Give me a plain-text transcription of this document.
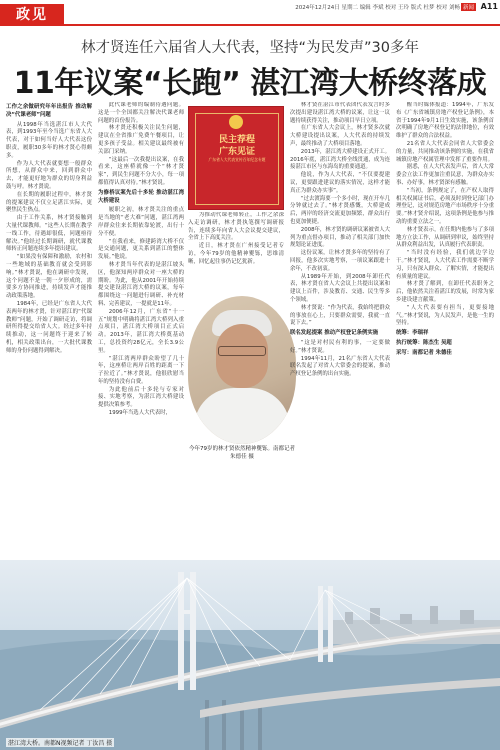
政见	2024年12月24日 星期二 编辑 李斌 校对 王玲 版式 杜梦 校对 刘畅 新闻 A11
林才贤连任六届省人大代表，坚持“为民发声”30多年
11年议案“长跑” 湛江湾大桥终落成

工作之余做研究年年出报告 推动解决“代课老师”问题

从1998年当选湛江市人大代表，到1993年至今当选广东省人大代表，对于如何当好人大代表这份职责，履职30多年的林才贤心得颇多。

作为人大代表就要想一般群众所想，从群众中来，回到群众中去，才能更好地为群众的切身利益鼓与呼。林才贤说。

在长期的履职过程中，林才贤的提案建议不仅立足湛江实际，更聚焦民生热点。

由于工作关系，林才贤接触到大量代课教师。“这些人长期在教学一线工作，待遇却很低，问题亟待解决。”他经过长期调研，就代课教师转正问题连续多年提出建议。

“如果没有保障和激励，农村和一些地域的基础教育就会受到影响。”林才贤说，他在调研中发现，这个问题不是一朝一夕形成的，需要多方协同推进，持续发声才能推动政策落地。

1984年，已经是广东省人大代表两年的林才贤，针对湛江的“代课教师”问题，开始了调研走访，将调研所得提交给省人大。经过多年持续推动，这一问题终于迎来了转机，相关政策出台，一大批代课教师的身份问题得到解决。

此代课老师的编制待遇问题。这是一个全国都关注解决代课老师问题的首份报告。

林才贤还积极关注民生问题，建议在全省推广免费午餐项目，让更多孩子受益。相关建议最终被有关部门采纳。

“这最后一次我提出议案，在我看来，这座桥就像一个“林才贤家”，到民生问题不分大小，每一项都值得认真对待。”林才贤说。

为修桥议案先后十多轮 推动湛江湾大桥建设

履职之初，林才贤关注的重点是当地的“老大难”问题，湛江湾两岸群众往来长期依靠轮渡，出行十分不便。

“在我看来，修建跨湾大桥不仅是交通问题，更关系到湛江的整体发展。”他说。

林才贤当年代表的是湛江坡头区，他深知两岸群众对一座大桥的期盼。为此，他从2001年开始持续提交建设湛江湾大桥的议案，每年都围绕这一问题进行调研、补充材料、完善建议，一提就是11年。

2006年12月，广东省“十一五”规划中明确将湛江湾大桥列入重点项目，湛江湾大桥项目正式启动。2013年，湛江湾大桥奠基动工，总投资约28亿元，全长3.9公里。

“湛江湾两岸群众盼望了几十年，这座桥让两岸百姓的距离一下子拉近了。”林才贤说，他很欣慰当年的坚持没有白费。

为此他前后十多轮与专家对接、实地考察，为湛江湾大桥建设提供决策参考。

1999年当选人大代表时，

民主荐程
广东见证
广东省人大代表宣传百年纪念专题

为推动代课老师转正，工作之余深入走访调研，林才贤执笔撰写调研报告，连续多年向省人大会议提交建议，全省上下高度关注。

近日，林才贤在广州接受记者专访，今年79岁的他精神矍铄，思维清晰，回忆起往事仍记忆犹新。

今年79岁的林才贤依然精神矍铄。南都记者 朱德佳 摄

林才贤在湛江市代表团代表发言时多次提出建设湛江湾大桥的议案，让这一议题持续获得关注，推动项目早日立项。

在广东省人大会议上，林才贤多次就大桥建设提出议案，人大代表的持续发声，最终推动了大桥项目落地。

2013年，湛江湾大桥建设正式开工。2016年底，湛江湾大桥全线贯通，成为连接湛江市区与东海岛的重要通道。

他说，作为人大代表，“不仅要提建议，更要跟进建议的落实情况，这样才能真正为群众办实事”。

“过去渡海要一个多小时，现在开车几分钟就过去了。”林才贤感慨，大桥建成后，两岸的经济交流更加频繁，群众出行也更加便捷。

2008年，林才贤的调研议案被省人大列为重点督办项目，推动了相关部门加快规划论证进度。

这份议案，让林才贤多年的坚持有了回报，他多次实地考察，一项议案跟进十余年，不改初衷。

从1989年开始，到2008年卸任代表，林才贤在省人大会议上共提出议案和建议上百件，涉及教育、交通、民生等多个领域。

林才贤说：“作为代表，我始终把群众的事放在心上，只要群众需要，我就一直说下去。”

联名发起提案 推动产权登记条例实施

“这是对村民有利的事，一定要做好。”林才贤说。

1994年11月，21名广东省人大代表联名发起了对省人大常委会的提案，推动产权登记条例的出台实施。

醒当时媒体报道：1994年，广东发布《广东省城镇房地产权登记条例》，本省于1994年9月1日生效实施，该条例首次明确了房地产权登记的法律地位，有效维护了群众的合法权益。

21名省人大代表会同省人大常委会的力量，共同推动该条例的实施，在我省城镇房地产权属管理中发挥了重要作用。

据悉，在人大代表发声后，省人大常委会立法工作更加注重民意，为群众办实事、办好事，林才贤深有感触。

“当初，条例规定了，在产权人取得相关权属证书后，必须及时到登记部门办理登记，这对规范房地产市场秩序十分重要。”林才贤介绍说，这项条例是他参与推动的重要立法之一。

林才贤表示，在任期内他参与了多项地方立法工作，从调研到审议，始终坚持从群众利益出发，认真履行代表职责。

“当时没有经验，我们就边学边干。”林才贤说，人大代表工作需要不断学习，只有深入群众、了解实情，才能提出有质量的建议。

林才贤了解到，在卸任代表职务之后，他依然关注着湛江的发展，时常为家乡建设建言献策。

“人大代表要有担当，更要接地气。”林才贤说，为人民发声，是他一生的坚持。

统筹：李瑞祥

执行统筹：陈杰生 吴超

采写：南都记者 朱德佳

湛江湾大桥。南都N视频记者 丁汝昌 摄
